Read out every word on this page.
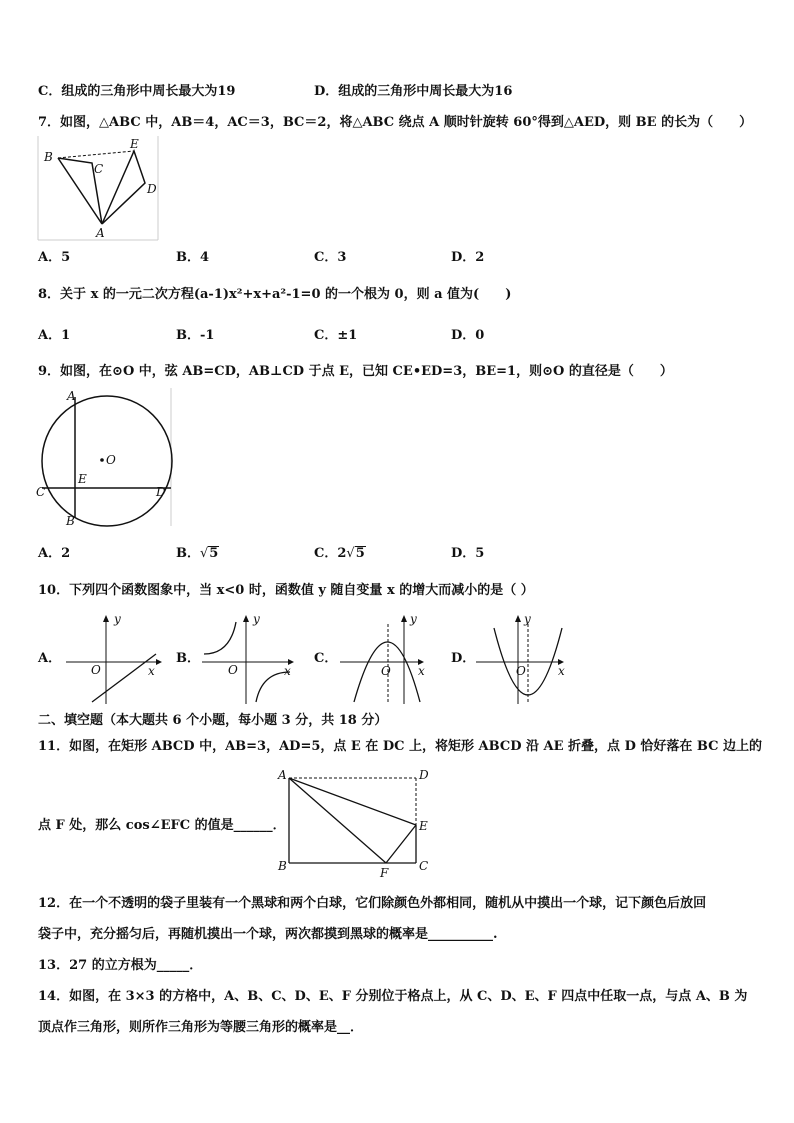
C．组成的三角形中周长最大为19	D．组成的三角形中周长最大为16
7．如图，△ABC 中，AB＝4，AC＝3，BC＝2，将△ABC 绕点 A 顺时针旋转 60°得到△AED，则 BE 的长为（　　）
B
C
E
D
A
A．5	B．4	C．3	D．2
8．关于 x 的一元二次方程(a-1)x²+x+a²-1=0 的一个根为 0，则 a 值为(　　)
A．1	B．-1	C．±1	D．0
9．如图，在⊙O 中，弦 AB=CD，AB⊥CD 于点 E，已知 CE•ED=3，BE=1，则⊙O 的直径是（　　）
A
O
E
C	D
B
A．2	B．√5	C．2√5	D．5
10．下列四个函数图象中，当 x<0 时，函数值 y 随自变量 x 的增大而减小的是（ ）
A．
y
x
O
B．
y
x
O
C．
y
x
O
D．
y
x
O
二、填空题（本大题共 6 个小题，每小题 3 分，共 18 分）
11．如图，在矩形 ABCD 中，AB=3，AD=5，点 E 在 DC 上，将矩形 ABCD 沿 AE 折叠，点 D 恰好落在 BC 边上的
A	D
E
B	F	C
点 F 处，那么 cos∠EFC 的值是______．
12．在一个不透明的袋子里装有一个黑球和两个白球，它们除颜色外都相同，随机从中摸出一个球，记下颜色后放回
袋子中，充分摇匀后，再随机摸出一个球，两次都摸到黑球的概率是__________.
13．27 的立方根为_____．
14．如图，在 3×3 的方格中，A、B、C、D、E、F 分别位于格点上，从 C、D、E、F 四点中任取一点，与点 A、B 为
顶点作三角形，则所作三角形为等腰三角形的概率是__．
